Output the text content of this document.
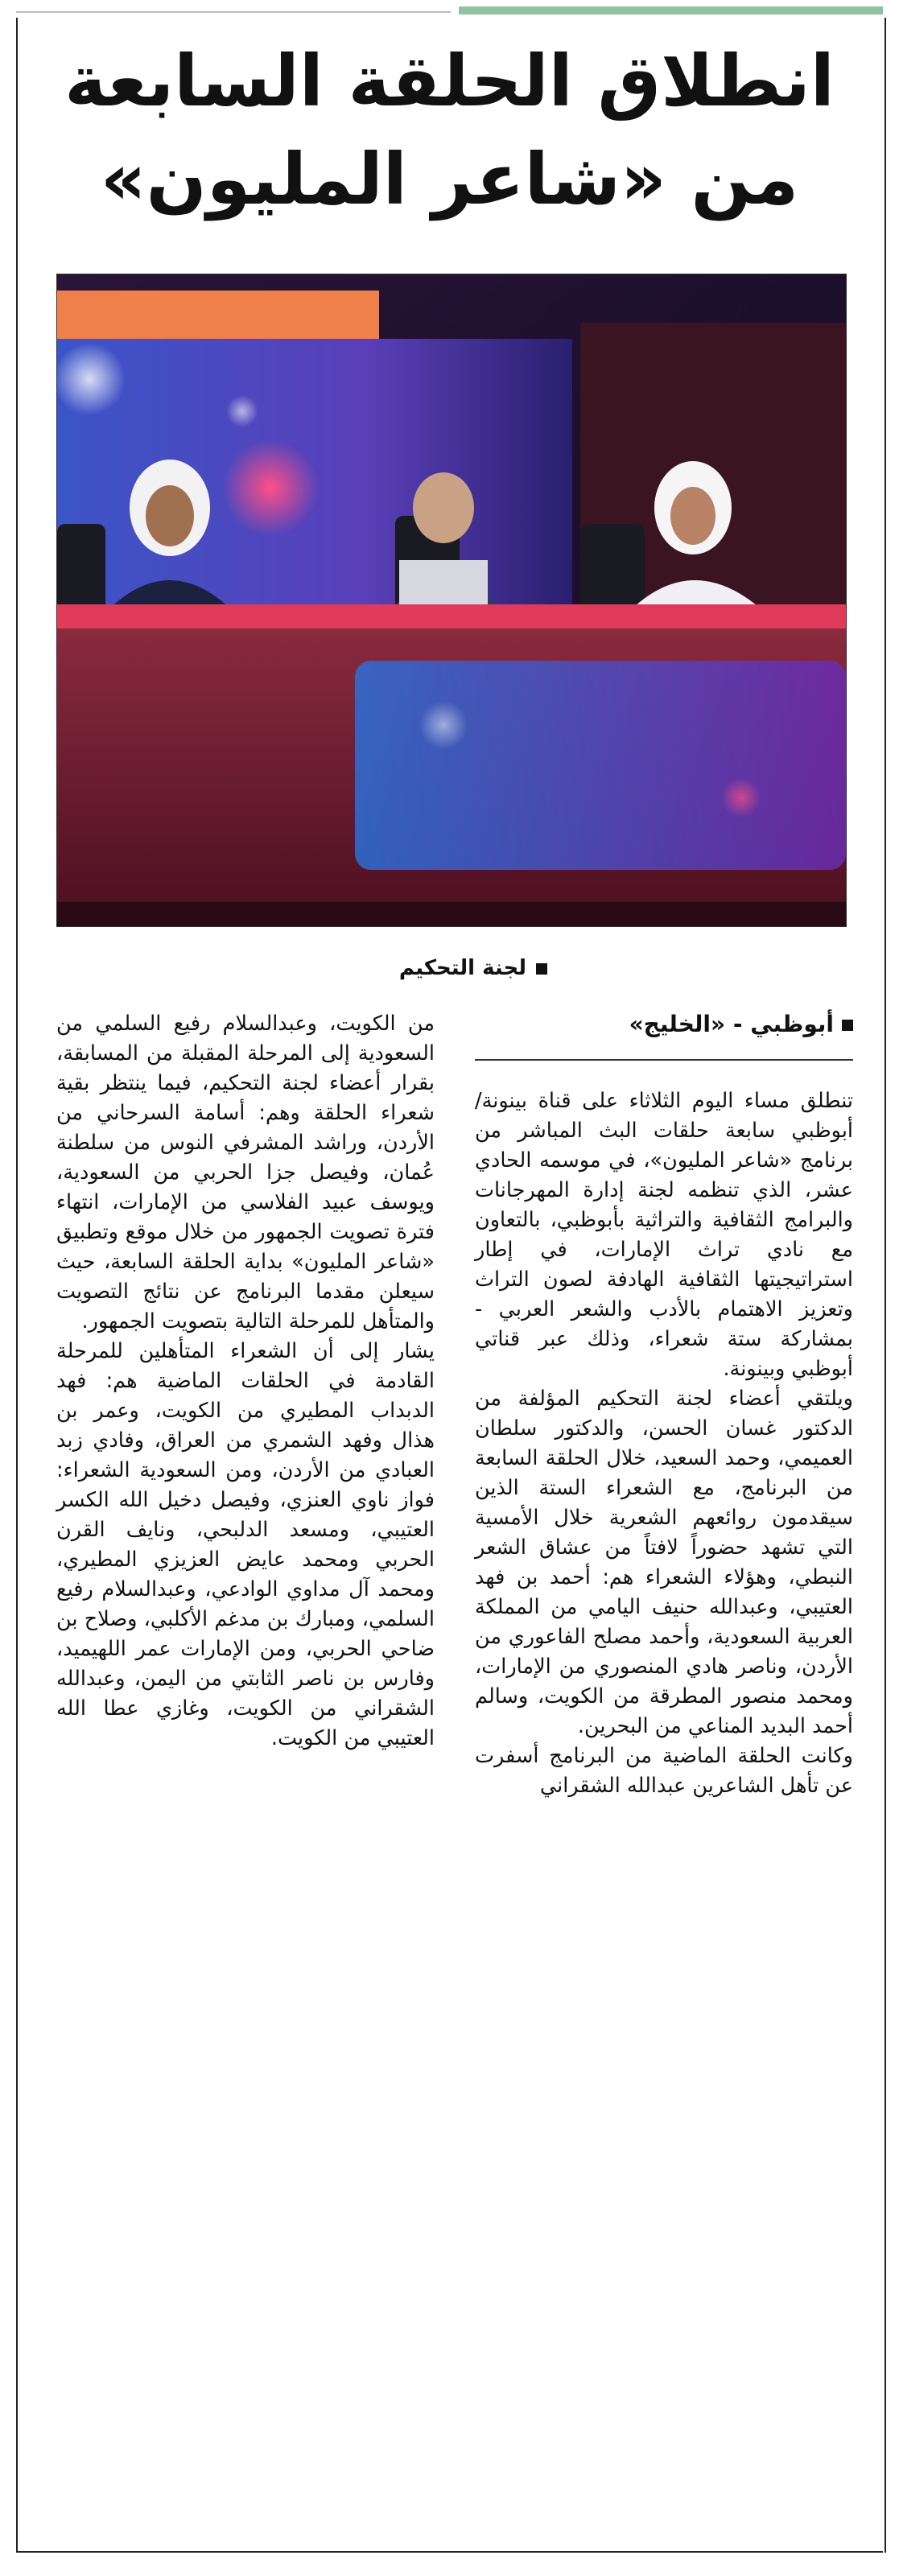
انطلاق الحلقة السابعة
من «شاعر المليون»
لجنة التحكيم
أبوظبي - «الخليج»

تنطلق مساء اليوم الثلاثاء على قناة بينونة/أبوظبي سابعة حلقات البث المباشر من برنامج «شاعر المليون»، في موسمه الحادي عشر، الذي تنظمه لجنة إدارة المهرجانات والبرامج الثقافية والتراثية بأبوظبي، بالتعاون مع نادي تراث الإمارات، في إطار استراتيجيتها الثقافية الهادفة لصون التراث وتعزيز الاهتمام بالأدب والشعر العربي - بمشاركة ستة شعراء، وذلك عبر قناتي أبوظبي وبينونة.

ويلتقي أعضاء لجنة التحكيم المؤلفة من الدكتور غسان الحسن، والدكتور سلطان العميمي، وحمد السعيد، خلال الحلقة السابعة من البرنامج، مع الشعراء الستة الذين سيقدمون روائعهم الشعرية خلال الأمسية التي تشهد حضوراً لافتاً من عشاق الشعر النبطي، وهؤلاء الشعراء هم: أحمد بن فهد العتيبي، وعبدالله حنيف اليامي من المملكة العربية السعودية، وأحمد مصلح الفاعوري من الأردن، وناصر هادي المنصوري من الإمارات، ومحمد منصور المطرقة من الكويت، وسالم أحمد البديد المناعي من البحرين.

وكانت الحلقة الماضية من البرنامج أسفرت عن تأهل الشاعرين عبدالله الشقراني

من الكويت، وعبدالسلام رفيع السلمي من السعودية إلى المرحلة المقبلة من المسابقة، بقرار أعضاء لجنة التحكيم، فيما ينتظر بقية شعراء الحلقة وهم: أسامة السرحاني من الأردن، وراشد المشرفي النوس من سلطنة عُمان، وفيصل جزا الحربي من السعودية، ويوسف عبيد الفلاسي من الإمارات، انتهاء فترة تصويت الجمهور من خلال موقع وتطبيق «شاعر المليون» بداية الحلقة السابعة، حيث سيعلن مقدما البرنامج عن نتائج التصويت والمتأهل للمرحلة التالية بتصويت الجمهور.

يشار إلى أن الشعراء المتأهلين للمرحلة القادمة في الحلقات الماضية هم: فهد الدبداب المطيري من الكويت، وعمر بن هذال وفهد الشمري من العراق، وفادي زبد العبادي من الأردن، ومن السعودية الشعراء: فواز ناوي العنزي، وفيصل دخيل الله الكسر العتيبي، ومسعد الدلبحي، ونايف القرن الحربي ومحمد عايض العزيزي المطيري، ومحمد آل مداوي الوادعي، وعبدالسلام رفيع السلمي، ومبارك بن مدغم الأكلبي، وصلاح بن ضاحي الحربي، ومن الإمارات عمر اللهيميد، وفارس بن ناصر الثابتي من اليمن، وعبدالله الشقراني من الكويت، وغازي عطا الله العتيبي من الكويت.
